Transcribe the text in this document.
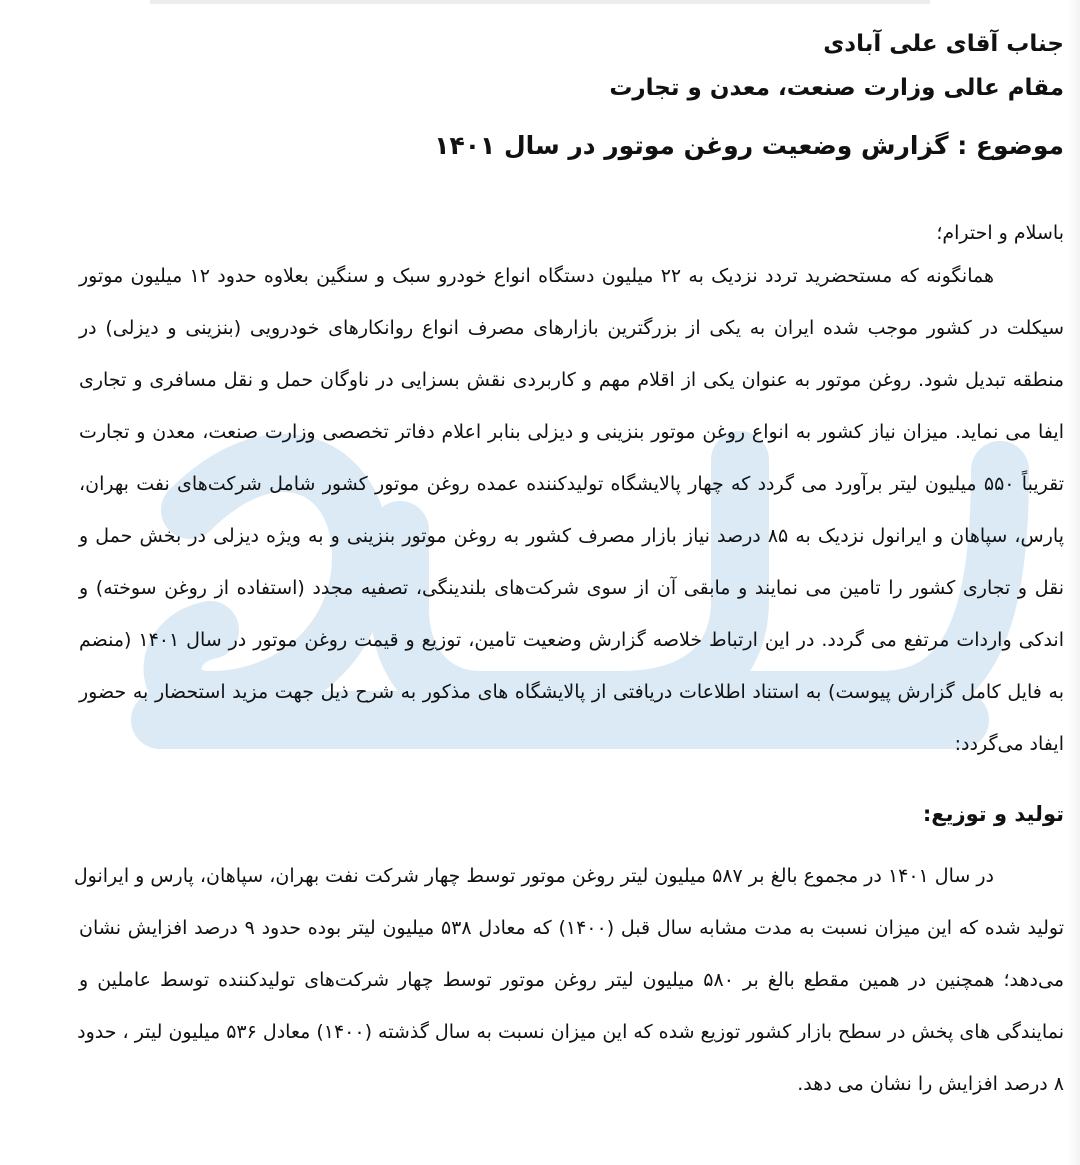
جناب آقای علی آبادی

مقام عالی وزارت صنعت، معدن و تجارت

موضوع : گزارش وضعیت روغن موتور در سال ۱۴۰۱

باسلام و احترام؛

همانگونه که مستحضرید تردد نزدیک به ۲۲ میلیون دستگاه انواع خودرو سبک و سنگین بعلاوه حدود ۱۲ میلیون موتور
سیکلت در کشور موجب شده ایران به یکی از بزرگترین بازارهای مصرف انواع روانکارهای خودرویی (بنزینی و دیزلی) در
منطقه تبدیل شود. روغن موتور به عنوان یکی از اقلام مهم و کاربردی نقش بسزایی در ناوگان حمل و نقل مسافری و تجاری
ایفا می نماید. میزان نیاز کشور به انواع روغن موتور بنزینی و دیزلی بنابر اعلام دفاتر تخصصی وزارت صنعت، معدن و تجارت
تقریباً ۵۵۰ میلیون لیتر برآورد می گردد که چهار پالایشگاه تولیدکننده عمده روغن موتور کشور شامل شرکت‌های نفت بهران،
پارس، سپاهان و ایرانول نزدیک به ۸۵ درصد نیاز بازار مصرف کشور به روغن موتور بنزینی و به ویژه دیزلی در بخش حمل و
نقل و تجاری کشور را تامین می نمایند و مابقی آن از سوی شرکت‌های بلندینگی، تصفیه مجدد (استفاده از روغن سوخته) و
اندکی واردات مرتفع می گردد. در این ارتباط خلاصه گزارش وضعیت تامین، توزیع و قیمت روغن موتور در سال ۱۴۰۱ (منضم
به فایل کامل گزارش پیوست) به استناد اطلاعات دریافتی از پالایشگاه های مذکور به شرح ذیل جهت مزید استحضار به حضور
ایفاد می‌گردد:

تولید و توزیع:

در سال ۱۴۰۱ در مجموع بالغ بر ۵۸۷ میلیون لیتر روغن موتور توسط چهار شرکت نفت بهران، سپاهان، پارس و ایرانول
تولید شده که این میزان نسبت به مدت مشابه سال قبل (۱۴۰۰) که معادل ۵۳۸ میلیون لیتر بوده حدود ۹ درصد افزایش نشان
می‌دهد؛ همچنین در همین مقطع بالغ بر ۵۸۰ میلیون لیتر روغن موتور توسط چهار شرکت‌های تولیدکننده توسط عاملین و
نمایندگی های پخش در سطح بازار کشور توزیع شده که این میزان نسبت به سال گذشته (۱۴۰۰) معادل ۵۳۶ میلیون لیتر ، حدود
۸ درصد افزایش را نشان می دهد.
